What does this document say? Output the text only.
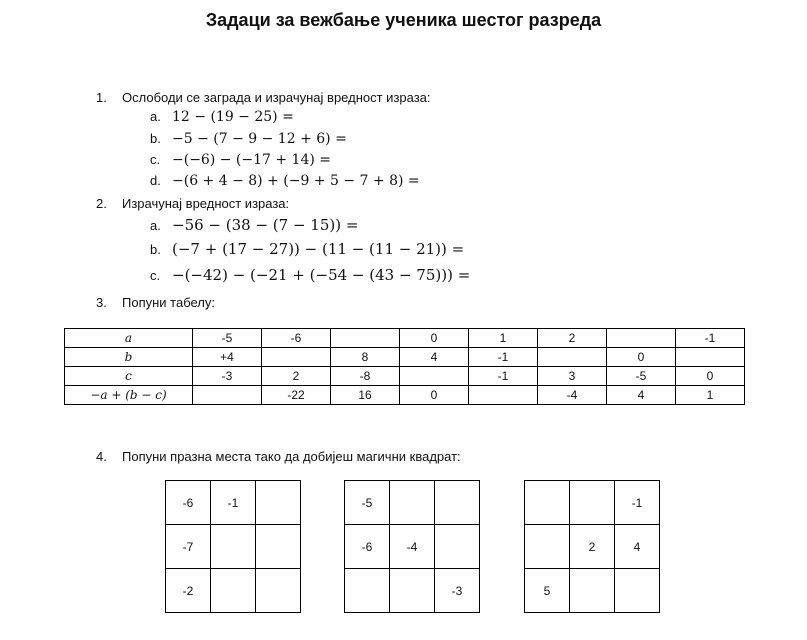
Задаци за вежбање ученика шестог разреда
1. Ослободи се заграда и израчунај вредност израза:
a. 12 − (19 − 25) =
b. −5 − (7 − 9 − 12 + 6) =
c. −(−6) − (−17 + 14) =
d. −(6 + 4 − 8) + (−9 + 5 − 7 + 8) =
2. Израчунај вредност израза:
a. −56 − (38 − (7 − 15)) =
b. (−7 + (17 − 27)) − (11 − (11 − 21)) =
c. −(−42) − (−21 + (−54 − (43 − 75))) =
3. Попуни табелу:
a	-5	-6		0	1	2		-1
b	+4		8	4	-1		0	
c	-3	2	-8		-1	3	-5	0
−a + (b − c)		-22	16	0		-4	4	1
4. Попуни празна места тако да добијеш магични квадрат:
-6	-1	
-7		
-2		
-5		
-6	-4	
		-3
		-1
	2	4
5		
